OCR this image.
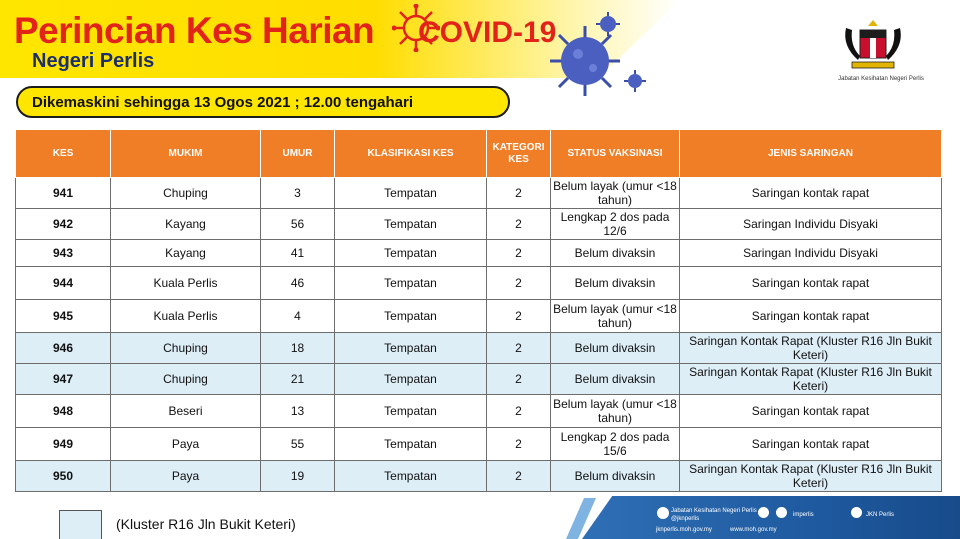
Perincian Kes Harian COVID-19
Negeri Perlis
Jabatan Kesihatan Negeri Perlis
Dikemaskini sehingga 13 Ogos 2021 ; 12.00 tengahari
KES	MUKIM	UMUR	KLASIFIKASI KES	KATEGORI KES	STATUS VAKSINASI	JENIS SARINGAN
941	Chuping	3	Tempatan	2	Belum layak (umur <18 tahun)	Saringan kontak rapat
942	Kayang	56	Tempatan	2	Lengkap 2 dos pada 12/6	Saringan Individu Disyaki
943	Kayang	41	Tempatan	2	Belum divaksin	Saringan Individu Disyaki
944	Kuala Perlis	46	Tempatan	2	Belum divaksin	Saringan kontak rapat
945	Kuala Perlis	4	Tempatan	2	Belum layak (umur <18 tahun)	Saringan kontak rapat
946	Chuping	18	Tempatan	2	Belum divaksin	Saringan Kontak Rapat (Kluster R16 Jln Bukit Keteri)
947	Chuping	21	Tempatan	2	Belum divaksin	Saringan Kontak Rapat (Kluster R16 Jln Bukit Keteri)
948	Beseri	13	Tempatan	2	Belum layak (umur <18 tahun)	Saringan kontak rapat
949	Paya	55	Tempatan	2	Lengkap 2 dos pada 15/6	Saringan kontak rapat
950	Paya	19	Tempatan	2	Belum divaksin	Saringan Kontak Rapat (Kluster R16 Jln Bukit Keteri)
(Kluster R16 Jln Bukit Keteri)
Jabatan Kesihatan Negeri Perlis
@jknperlis
jknperlis.moh.gov.my	www.moh.gov.my
imperlis	JKN Perlis
